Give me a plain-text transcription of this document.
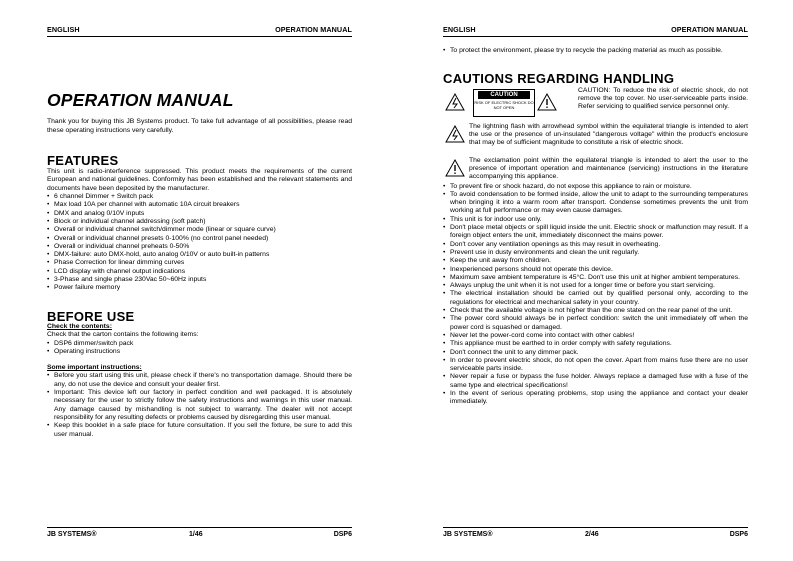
ENGLISH	OPERATION MANUAL
OPERATION MANUAL
Thank you for buying this JB Systems product. To take full advantage of all possibilities, please read these operating instructions very carefully.
FEATURES
This unit is radio-interference suppressed. This product meets the requirements of the current European and national guidelines. Conformity has been established and the relevant statements and documents have been deposited by the manufacturer.
• 6 channel Dimmer + Switch pack
• Max load 10A per channel with automatic 10A circuit breakers
• DMX and analog 0/10V inputs
• Block or individual channel addressing (soft patch)
• Overall or individual channel switch/dimmer mode (linear or square curve)
• Overall or individual channel presets 0-100% (no control panel needed)
• Overall or individual channel preheats 0-50%
• DMX-failure: auto DMX-hold, auto analog 0/10V or auto built-in patterns
• Phase Correction for linear dimming curves
• LCD display with channel output indications
• 3-Phase and single phase 230Vac 50~60Hz inputs
• Power failure memory
BEFORE USE
Check the contents:
Check that the carton contains the following items:
• DSP6 dimmer/switch pack
• Operating instructions
Some important instructions:
• Before you start using this unit, please check if there's no transportation damage. Should there be any, do not use the device and consult your dealer first.
• Important: This device left our factory in perfect condition and well packaged. It is absolutely necessary for the user to strictly follow the safety instructions and warnings in this user manual. Any damage caused by mishandling is not subject to warranty. The dealer will not accept responsibility for any resulting defects or problems caused by disregarding this user manual.
• Keep this booklet in a safe place for future consultation. If you sell the fixture, be sure to add this user manual.
JB SYSTEMS®	1/46	DSP6
ENGLISH	OPERATION MANUAL
• To protect the environment, please try to recycle the packing material as much as possible.
CAUTIONS REGARDING HANDLING
CAUTION
RISK OF ELECTRIC SHOCK DO NOT OPEN
CAUTION: To reduce the risk of electric shock, do not remove the top cover. No user-serviceable parts inside. Refer servicing to qualified service personnel only.
The lightning flash with arrowhead symbol within the equilateral triangle is intended to alert the use or the presence of un-insulated "dangerous voltage" within the product's enclosure that may be of sufficient magnitude to constitute a risk of electric shock.
The exclamation point within the equilateral triangle is intended to alert the user to the presence of important operation and maintenance (servicing) instructions in the literature accompanying this appliance.
• To prevent fire or shock hazard, do not expose this appliance to rain or moisture.
• To avoid condensation to be formed inside, allow the unit to adapt to the surrounding temperatures when bringing it into a warm room after transport. Condense sometimes prevents the unit from working at full performance or may even cause damages.
• This unit is for indoor use only.
• Don't place metal objects or spill liquid inside the unit. Electric shock or malfunction may result. If a foreign object enters the unit, immediately disconnect the mains power.
• Don't cover any ventilation openings as this may result in overheating.
• Prevent use in dusty environments and clean the unit regularly.
• Keep the unit away from children.
• Inexperienced persons should not operate this device.
• Maximum save ambient temperature is 45°C. Don't use this unit at higher ambient temperatures.
• Always unplug the unit when it is not used for a longer time or before you start servicing.
• The electrical installation should be carried out by qualified personal only, according to the regulations for electrical and mechanical safety in your country.
• Check that the available voltage is not higher than the one stated on the rear panel of the unit.
• The power cord should always be in perfect condition: switch the unit immediately off when the power cord is squashed or damaged.
• Never let the power-cord come into contact with other cables!
• This appliance must be earthed to in order comply with safety regulations.
• Don't connect the unit to any dimmer pack.
• In order to prevent electric shock, do not open the cover. Apart from mains fuse there are no user serviceable parts inside.
• Never repair a fuse or bypass the fuse holder. Always replace a damaged fuse with a fuse of the same type and electrical specifications!
• In the event of serious operating problems, stop using the appliance and contact your dealer immediately.
JB SYSTEMS®	2/46	DSP6
